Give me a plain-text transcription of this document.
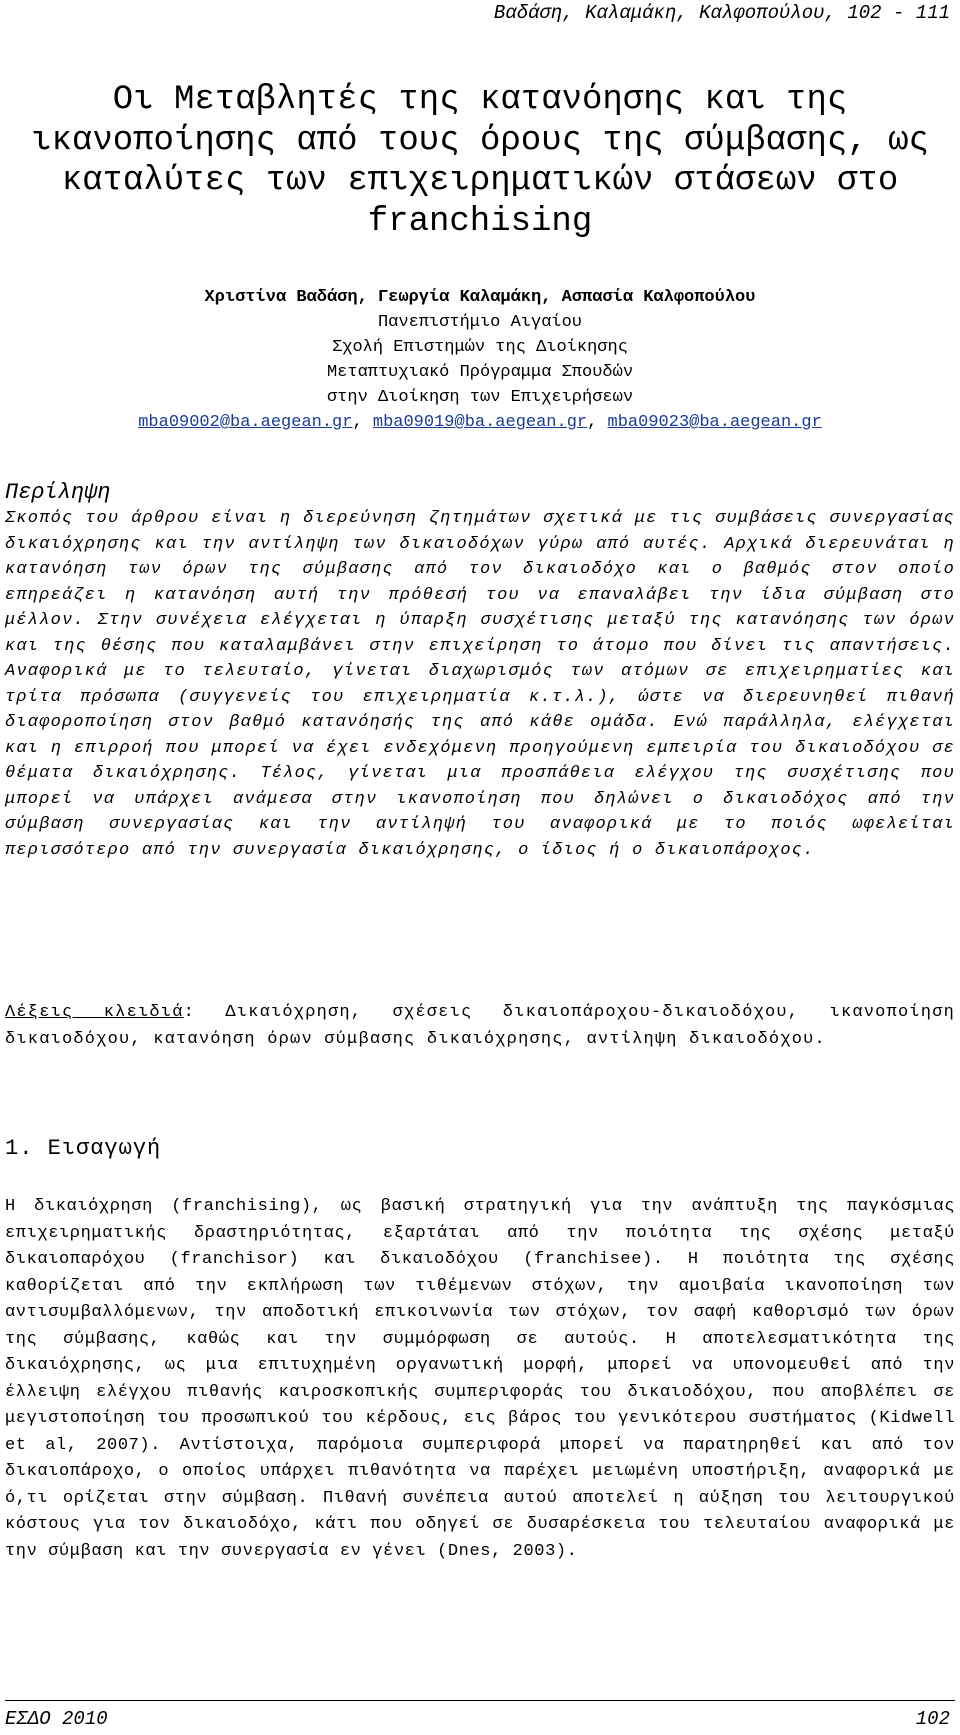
Βαδάση, Καλαμάκη, Καλφοπούλου, 102 - 111
Οι Μεταβλητές της κατανόησης και της ικανοποίησης από τους όρους της σύμβασης, ως καταλύτες των επιχειρηματικών στάσεων στο franchising
Χριστίνα Βαδάση, Γεωργία Καλαμάκη, Ασπασία Καλφοπούλου
Πανεπιστήμιο Αιγαίου
Σχολή Επιστημών της Διοίκησης
Μεταπτυχιακό Πρόγραμμα Σπουδών
στην Διοίκηση των Επιχειρήσεων
mba09002@ba.aegean.gr, mba09019@ba.aegean.gr, mba09023@ba.aegean.gr
Περίληψη

Σκοπός του άρθρου είναι η διερεύνηση ζητημάτων σχετικά με τις συμβάσεις συνεργασίας δικαιόχρησης και την αντίληψη των δικαιοδόχων γύρω από αυτές. Αρχικά διερευνάται η κατανόηση των όρων της σύμβασης από τον δικαιοδόχο και ο βαθμός στον οποίο επηρεάζει η κατανόηση αυτή την πρόθεσή του να επαναλάβει την ίδια σύμβαση στο μέλλον. Στην συνέχεια ελέγχεται η ύπαρξη συσχέτισης μεταξύ της κατανόησης των όρων και της θέσης που καταλαμβάνει στην επιχείρηση το άτομο που δίνει τις απαντήσεις. Αναφορικά με το τελευταίο, γίνεται διαχωρισμός των ατόμων σε επιχειρηματίες και τρίτα πρόσωπα (συγγενείς του επιχειρηματία κ.τ.λ.), ώστε να διερευνηθεί πιθανή διαφοροποίηση στον βαθμό κατανόησής της από κάθε ομάδα. Ενώ παράλληλα, ελέγχεται και η επιρροή που μπορεί να έχει ενδεχόμενη προηγούμενη εμπειρία του δικαιοδόχου σε θέματα δικαιόχρησης. Τέλος, γίνεται μια προσπάθεια ελέγχου της συσχέτισης που μπορεί να υπάρχει ανάμεσα στην ικανοποίηση που δηλώνει ο δικαιοδόχος από την σύμβαση συνεργασίας και την αντίληψή του αναφορικά με το ποιός ωφελείται περισσότερο από την συνεργασία δικαιόχρησης, ο ίδιος ή ο δικαιοπάροχος.

Λέξεις κλειδιά: Δικαιόχρηση, σχέσεις δικαιοπάροχου-δικαιοδόχου, ικανοποίηση δικαιοδόχου, κατανόηση όρων σύμβασης δικαιόχρησης, αντίληψη δικαιοδόχου.

1. Εισαγωγή

Η δικαιόχρηση (franchising), ως βασική στρατηγική για την ανάπτυξη της παγκόσμιας επιχειρηματικής δραστηριότητας, εξαρτάται από την ποιότητα της σχέσης μεταξύ δικαιοπαρόχου (franchisor) και δικαιοδόχου (franchisee). Η ποιότητα της σχέσης καθορίζεται από την εκπλήρωση των τιθέμενων στόχων, την αμοιβαία ικανοποίηση των αντισυμβαλλόμενων, την αποδοτική επικοινωνία των στόχων, τον σαφή καθορισμό των όρων της σύμβασης, καθώς και την συμμόρφωση σε αυτούς. Η αποτελεσματικότητα της δικαιόχρησης, ως μια επιτυχημένη οργανωτική μορφή, μπορεί να υπονομευθεί από την έλλειψη ελέγχου πιθανής καιροσκοπικής συμπεριφοράς του δικαιοδόχου, που αποβλέπει σε μεγιστοποίηση του προσωπικού του κέρδους, εις βάρος του γενικότερου συστήματος (Kidwell et al, 2007). Αντίστοιχα, παρόμοια συμπεριφορά μπορεί να παρατηρηθεί και από τον δικαιοπάροχο, ο οποίος υπάρχει πιθανότητα να παρέχει μειωμένη υποστήριξη, αναφορικά με ό,τι ορίζεται στην σύμβαση. Πιθανή συνέπεια αυτού αποτελεί η αύξηση του λειτουργικού κόστους για τον δικαιοδόχο, κάτι που οδηγεί σε δυσαρέσκεια του τελευταίου αναφορικά με την σύμβαση και την συνεργασία εν γένει (Dnes, 2003).

ΕΣΔΟ 2010	102
